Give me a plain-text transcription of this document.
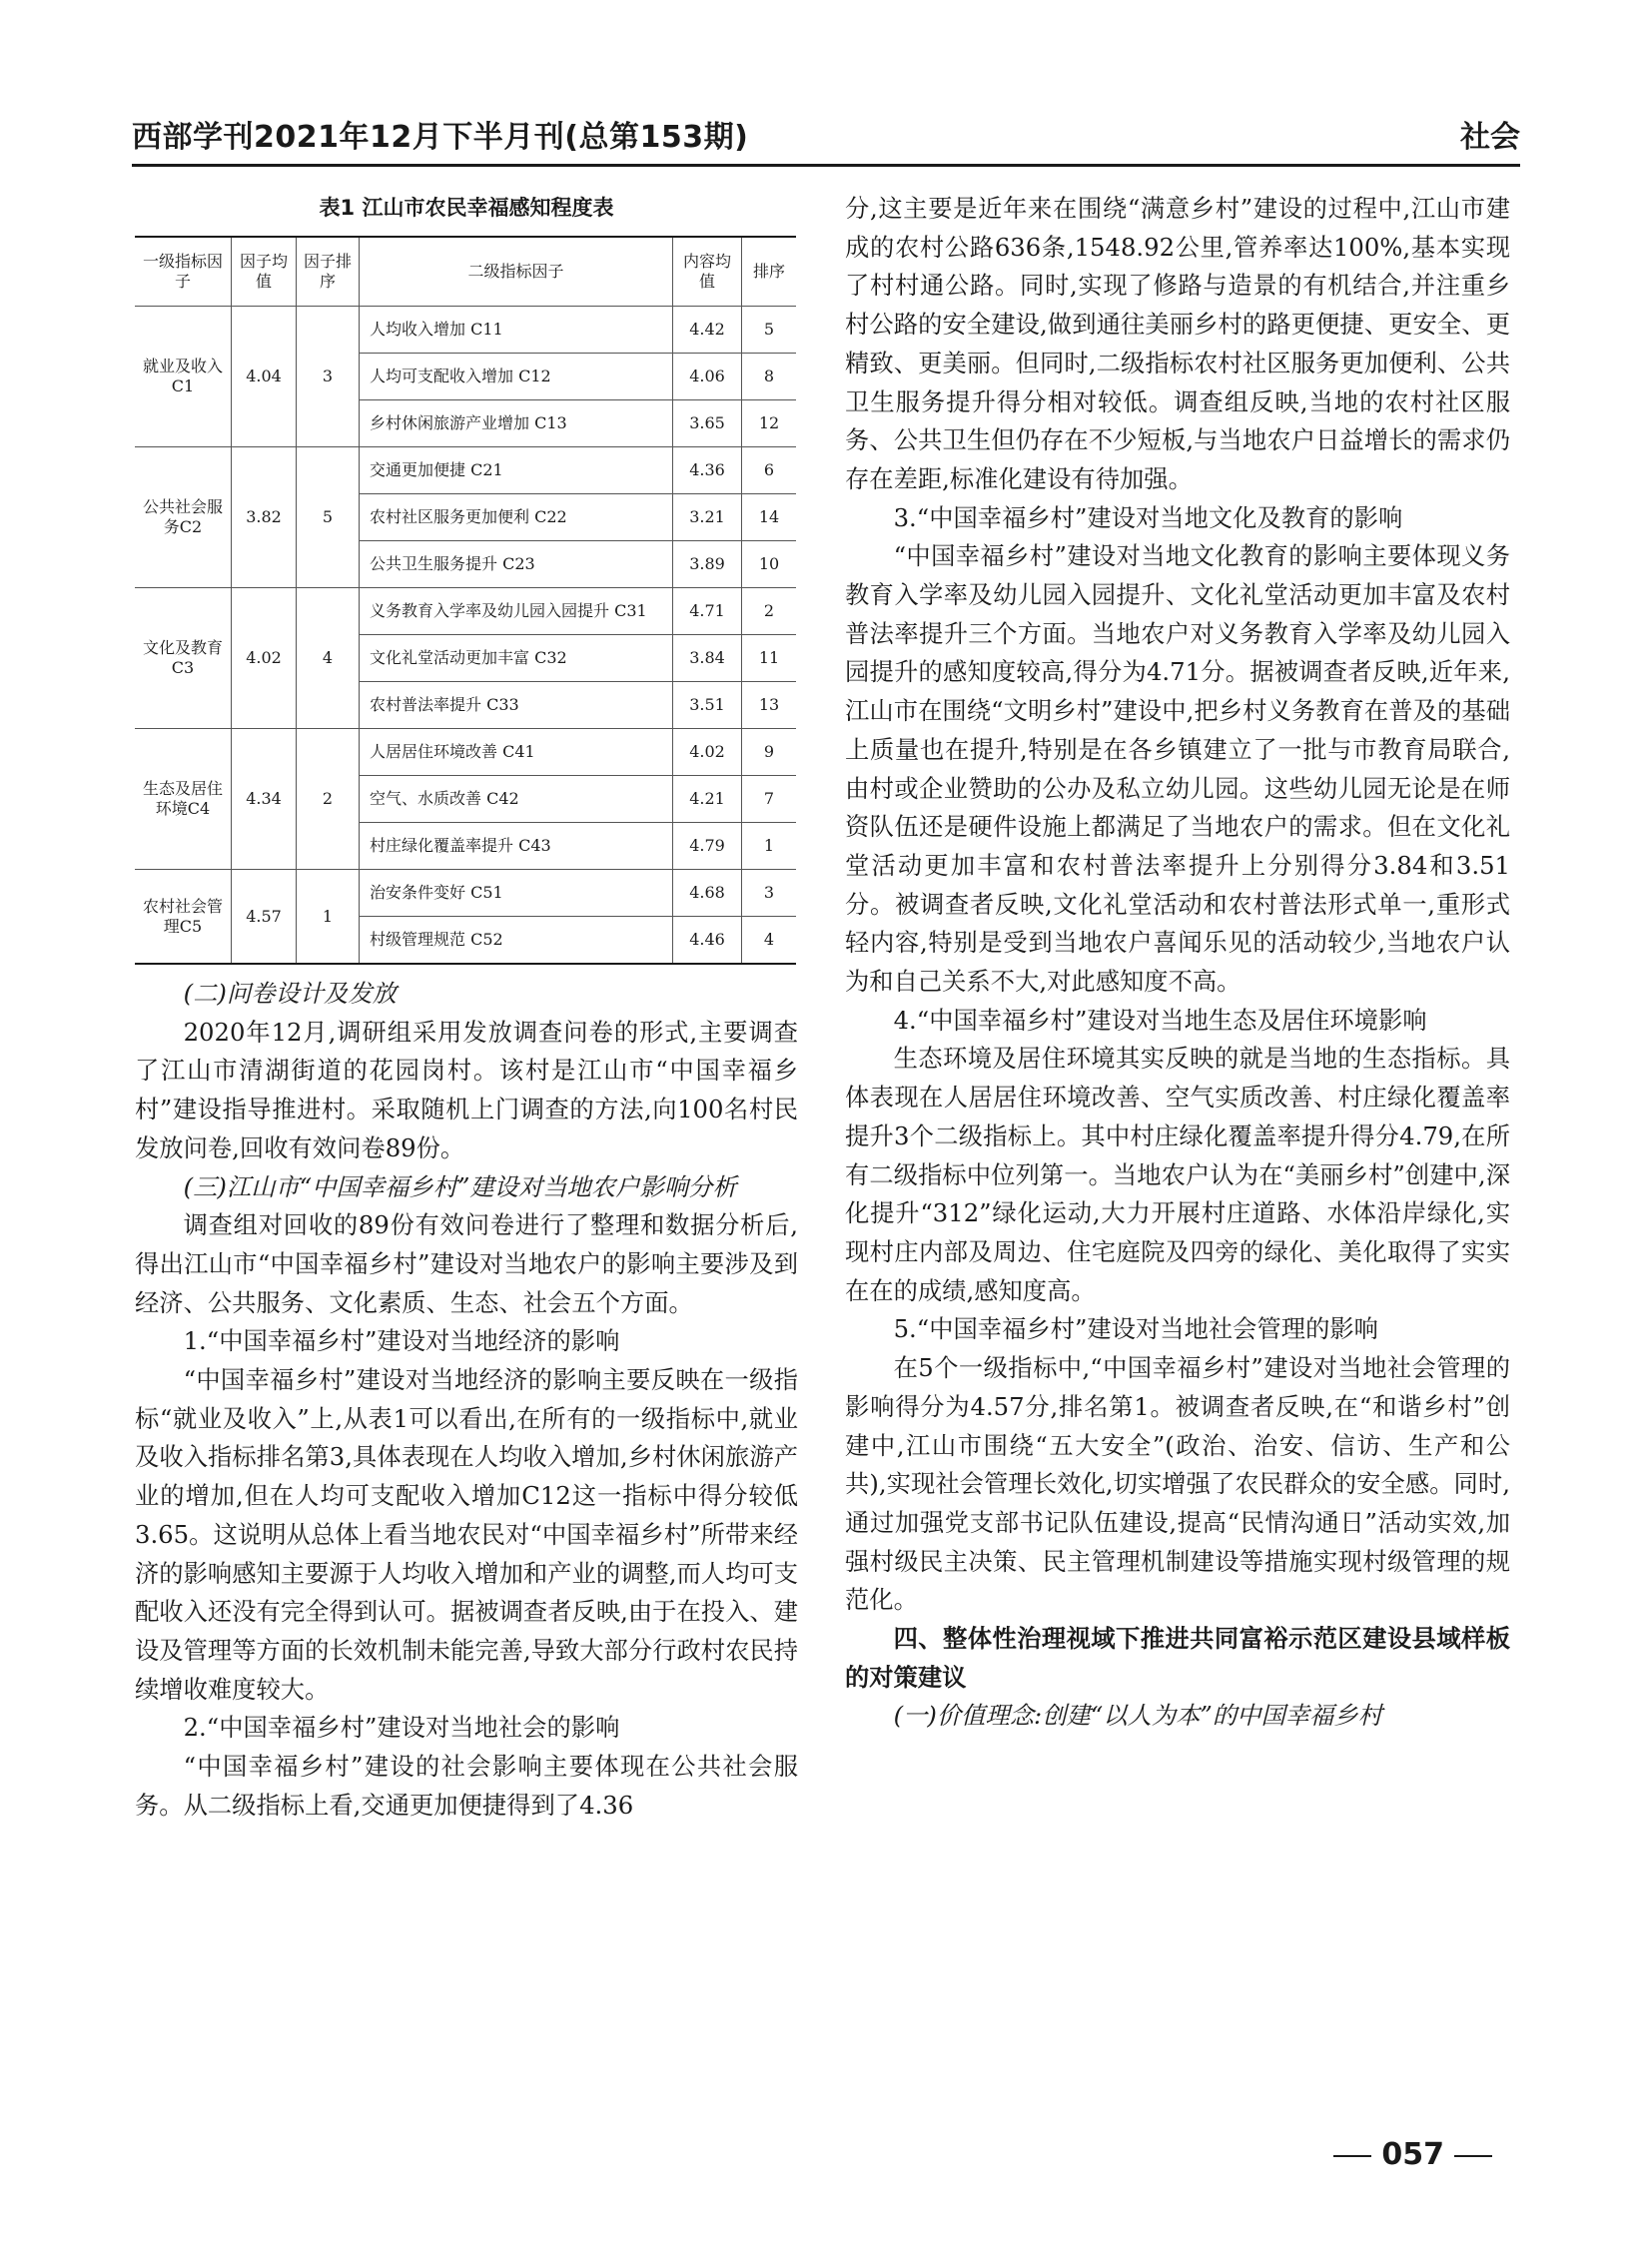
西部学刊2021年12月下半月刊(总第153期)	社会
表1 江山市农民幸福感知程度表
一级指标因子	因子均值	因子排序	二级指标因子	内容均值	排序
就业及收入C1	4.04	3	人均收入增加 C11	4.42	5
			人均可支配收入增加 C12	4.06	8
			乡村休闲旅游产业增加 C13	3.65	12
公共社会服务C2	3.82	5	交通更加便捷 C21	4.36	6
			农村社区服务更加便利 C22	3.21	14
			公共卫生服务提升 C23	3.89	10
文化及教育C3	4.02	4	义务教育入学率及幼儿园入园提升 C31	4.71	2
			文化礼堂活动更加丰富 C32	3.84	11
			农村普法率提升 C33	3.51	13
生态及居住环境C4	4.34	2	人居居住环境改善 C41	4.02	9
			空气、水质改善 C42	4.21	7
			村庄绿化覆盖率提升 C43	4.79	1
农村社会管理C5	4.57	1	治安条件变好 C51	4.68	3
			村级管理规范 C52	4.46	4

(二)问卷设计及发放

2020年12月,调研组采用发放调查问卷的形式,主要调查了江山市清湖街道的花园岗村。该村是江山市“中国幸福乡村”建设指导推进村。采取随机上门调查的方法,向100名村民发放问卷,回收有效问卷89份。

(三)江山市“中国幸福乡村”建设对当地农户影响分析

调查组对回收的89份有效问卷进行了整理和数据分析后,得出江山市“中国幸福乡村”建设对当地农户的影响主要涉及到经济、公共服务、文化素质、生态、社会五个方面。

1.“中国幸福乡村”建设对当地经济的影响

“中国幸福乡村”建设对当地经济的影响主要反映在一级指标“就业及收入”上,从表1可以看出,在所有的一级指标中,就业及收入指标排名第3,具体表现在人均收入增加,乡村休闲旅游产业的增加,但在人均可支配收入增加C12这一指标中得分较低3.65。这说明从总体上看当地农民对“中国幸福乡村”所带来经济的影响感知主要源于人均收入增加和产业的调整,而人均可支配收入还没有完全得到认可。据被调查者反映,由于在投入、建设及管理等方面的长效机制未能完善,导致大部分行政村农民持续增收难度较大。

2.“中国幸福乡村”建设对当地社会的影响

“中国幸福乡村”建设的社会影响主要体现在公共社会服务。从二级指标上看,交通更加便捷得到了4.36

分,这主要是近年来在围绕“满意乡村”建设的过程中,江山市建成的农村公路636条,1548.92公里,管养率达100%,基本实现了村村通公路。同时,实现了修路与造景的有机结合,并注重乡村公路的安全建设,做到通往美丽乡村的路更便捷、更安全、更精致、更美丽。但同时,二级指标农村社区服务更加便利、公共卫生服务提升得分相对较低。调查组反映,当地的农村社区服务、公共卫生但仍存在不少短板,与当地农户日益增长的需求仍存在差距,标准化建设有待加强。

3.“中国幸福乡村”建设对当地文化及教育的影响

“中国幸福乡村”建设对当地文化教育的影响主要体现义务教育入学率及幼儿园入园提升、文化礼堂活动更加丰富及农村普法率提升三个方面。当地农户对义务教育入学率及幼儿园入园提升的感知度较高,得分为4.71分。据被调查者反映,近年来,江山市在围绕“文明乡村”建设中,把乡村义务教育在普及的基础上质量也在提升,特别是在各乡镇建立了一批与市教育局联合,由村或企业赞助的公办及私立幼儿园。这些幼儿园无论是在师资队伍还是硬件设施上都满足了当地农户的需求。但在文化礼堂活动更加丰富和农村普法率提升上分别得分3.84和3.51分。被调查者反映,文化礼堂活动和农村普法形式单一,重形式轻内容,特别是受到当地农户喜闻乐见的活动较少,当地农户认为和自己关系不大,对此感知度不高。

4.“中国幸福乡村”建设对当地生态及居住环境影响

生态环境及居住环境其实反映的就是当地的生态指标。具体表现在人居居住环境改善、空气实质改善、村庄绿化覆盖率提升3个二级指标上。其中村庄绿化覆盖率提升得分4.79,在所有二级指标中位列第一。当地农户认为在“美丽乡村”创建中,深化提升“312”绿化运动,大力开展村庄道路、水体沿岸绿化,实现村庄内部及周边、住宅庭院及四旁的绿化、美化取得了实实在在的成绩,感知度高。

5.“中国幸福乡村”建设对当地社会管理的影响

在5个一级指标中,“中国幸福乡村”建设对当地社会管理的影响得分为4.57分,排名第1。被调查者反映,在“和谐乡村”创建中,江山市围绕“五大安全”(政治、治安、信访、生产和公共),实现社会管理长效化,切实增强了农民群众的安全感。同时,通过加强党支部书记队伍建设,提高“民情沟通日”活动实效,加强村级民主决策、民主管理机制建设等措施实现村级管理的规范化。

四、整体性治理视域下推进共同富裕示范区建设县域样板的对策建议

(一)价值理念:创建“以人为本”的中国幸福乡村

057
